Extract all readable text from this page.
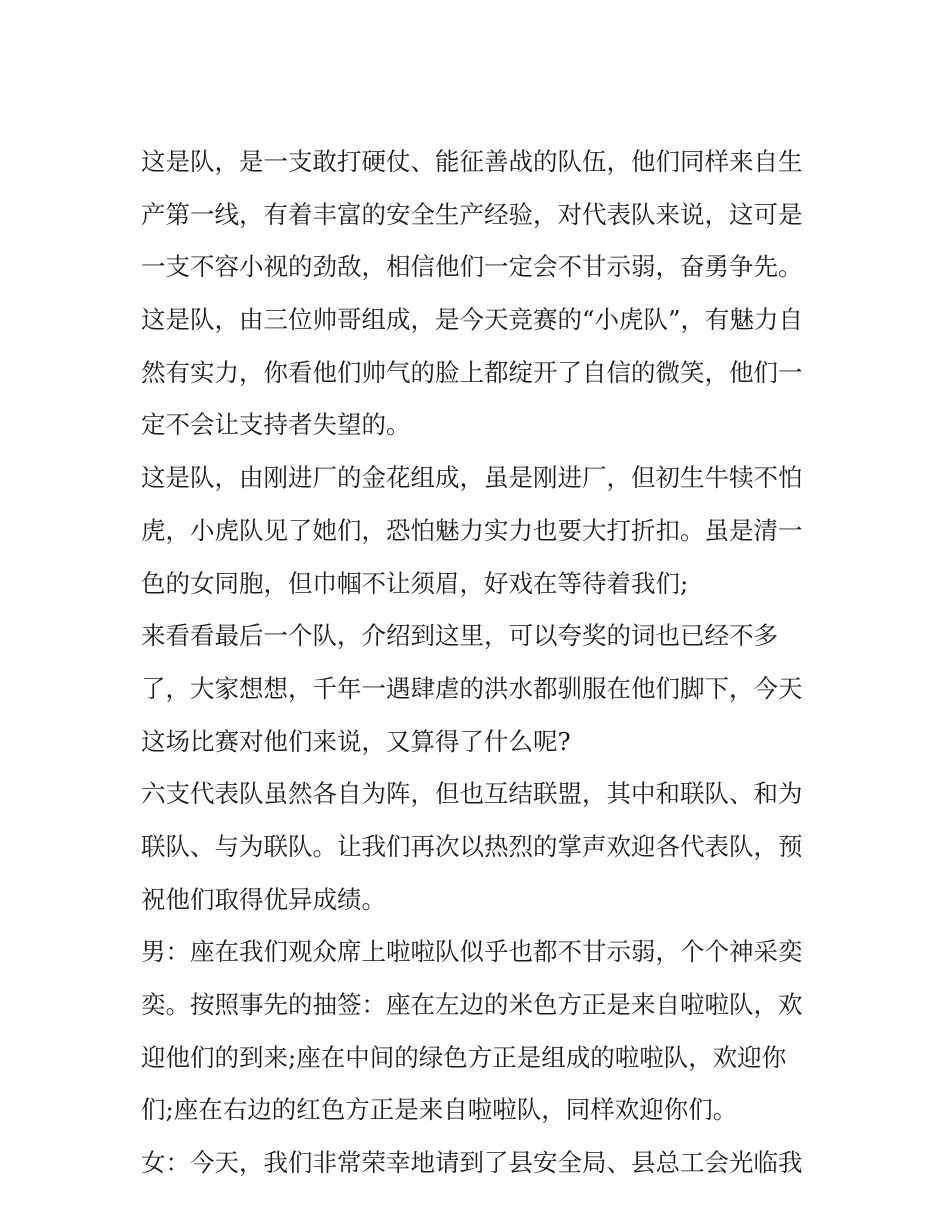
这是队，是一支敢打硬仗、能征善战的队伍，他们同样来自生
产第一线，有着丰富的安全生产经验，对代表队来说，这可是
一支不容小视的劲敌，相信他们一定会不甘示弱，奋勇争先。
这是队，由三位帅哥组成，是今天竞赛的“小虎队”，有魅力自
然有实力，你看他们帅气的脸上都绽开了自信的微笑，他们一
定不会让支持者失望的。
这是队，由刚进厂的金花组成，虽是刚进厂，但初生牛犊不怕
虎，小虎队见了她们，恐怕魅力实力也要大打折扣。虽是清一
色的女同胞，但巾帼不让须眉，好戏在等待着我们;
来看看最后一个队，介绍到这里，可以夸奖的词也已经不多
了，大家想想，千年一遇肆虐的洪水都驯服在他们脚下，今天
这场比赛对他们来说，又算得了什么呢?
六支代表队虽然各自为阵，但也互结联盟，其中和联队、和为
联队、与为联队。让我们再次以热烈的掌声欢迎各代表队，预
祝他们取得优异成绩。
男：座在我们观众席上啦啦队似乎也都不甘示弱，个个神采奕
奕。按照事先的抽签：座在左边的米色方正是来自啦啦队，欢
迎他们的到来;座在中间的绿色方正是组成的啦啦队，欢迎你
们;座在右边的红色方正是来自啦啦队，同样欢迎你们。
女：今天，我们非常荣幸地请到了县安全局、县总工会光临我
